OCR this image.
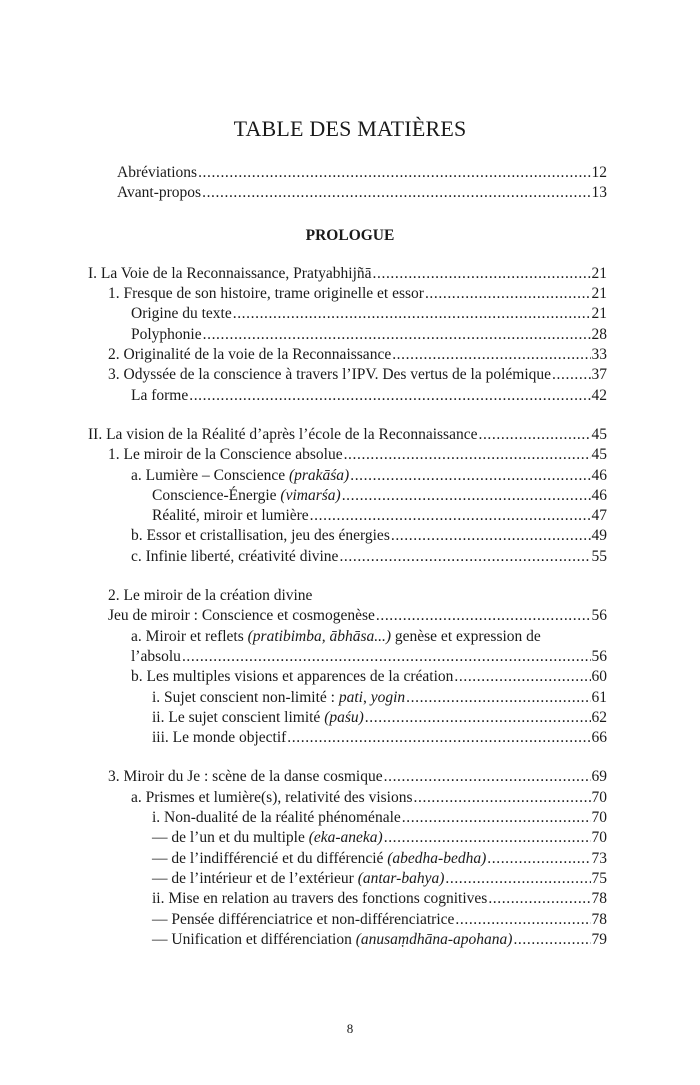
TABLE DES MATIÈRES
Abréviations .....	12
Avant-propos .....	13
PROLOGUE
I. La Voie de la Reconnaissance, Pratyabhijñā .....	21
1. Fresque de son histoire, trame originelle et essor .....	21
Origine du texte .....	21
Polyphonie .....	28
2. Originalité de la voie de la Reconnaissance .....	33
3. Odyssée de la conscience à travers l’IPV. Des vertus de la polémique .....	37
La forme .....	42
II. La vision de la Réalité d’après l’école de la Reconnaissance .....	45
1. Le miroir de la Conscience absolue .....	45
a. Lumière – Conscience (prakāśa) .....	46
Conscience-Énergie (vimarśa) .....	46
Réalité, miroir et lumière .....	47
b. Essor et cristallisation, jeu des énergies .....	49
c. Infinie liberté, créativité divine .....	55
2. Le miroir de la création divine
Jeu de miroir : Conscience et cosmogenèse .....	56
a. Miroir et reflets (pratibimba, ābhāsa...) genèse et expression de
l’absolu .....	56
b. Les multiples visions et apparences de la création .....	60
i. Sujet conscient non-limité : pati, yogin .....	61
ii. Le sujet conscient limité (paśu) .....	62
iii. Le monde objectif .....	66
3. Miroir du Je : scène de la danse cosmique .....	69
a. Prismes et lumière(s), relativité des visions .....	70
i. Non-dualité de la réalité phénoménale .....	70
— de l’un et du multiple (eka-aneka) .....	70
— de l’indifférencié et du différencié (abedha-bedha) .....	73
— de l’intérieur et de l’extérieur (antar-bahya) .....	75
ii. Mise en relation au travers des fonctions cognitives .....	78
— Pensée différenciatrice et non-différenciatrice .....	78
— Unification et différenciation (anusaṃdhāna-apohana) .....	79
8
